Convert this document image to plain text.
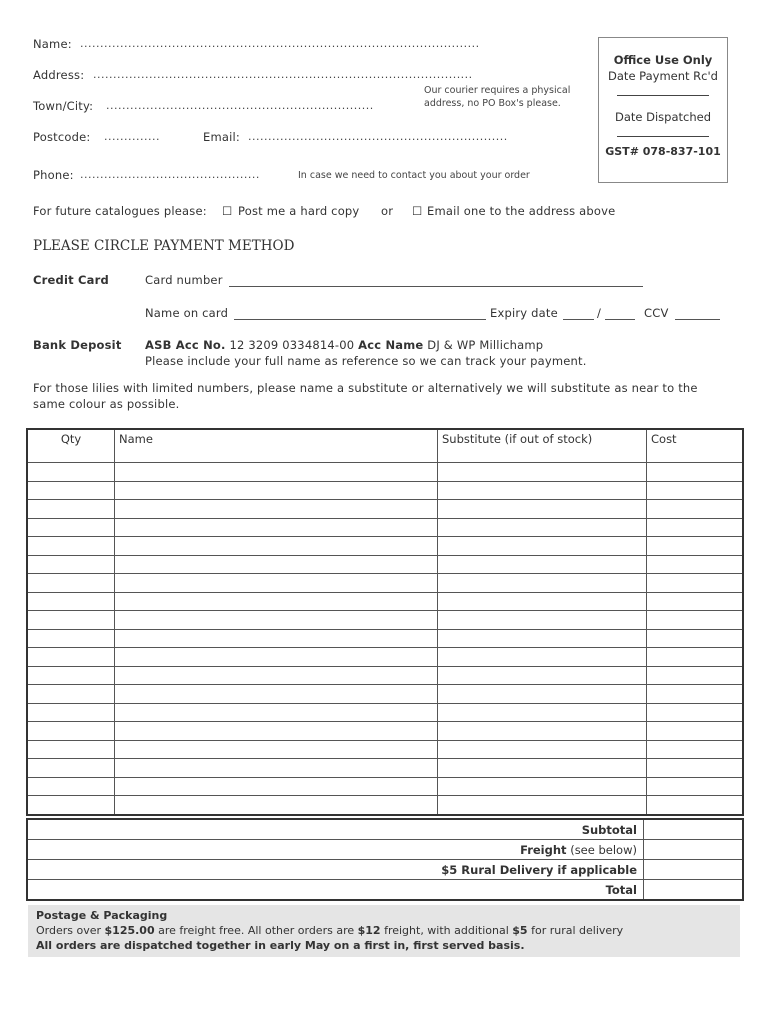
Name: ....................................................................................................
Address: ...............................................................................................
Our courier requires a physical
address, no PO Box's please.
Town/City: ...................................................................
Postcode: ..............	Email: .................................................................
Phone: .............................................	In case we need to contact you about your order
Office Use Only
Date Payment Rc'd
Date Dispatched
GST# 078-837-101
For future catalogues please: ☐ Post me a hard copy or ☐ Email one to the address above
PLEASE CIRCLE PAYMENT METHOD
Credit Card	Card number
Name on card	Expiry date	/	CCV
Bank Deposit ASB Acc No. 12 3209 0334814-00 Acc Name DJ & WP Millichamp
Please include your full name as reference so we can track your payment.
For those lilies with limited numbers, please name a substitute or alternatively we will substitute as near to the
same colour as possible.
Qty	Name	Substitute (if out of stock)	Cost

Subtotal	
Freight (see below)	
$5 Rural Delivery if applicable	
Total	
Postage & Packaging
Orders over $125.00 are freight free. All other orders are $12 freight, with additional $5 for rural delivery
All orders are dispatched together in early May on a first in, first served basis.
